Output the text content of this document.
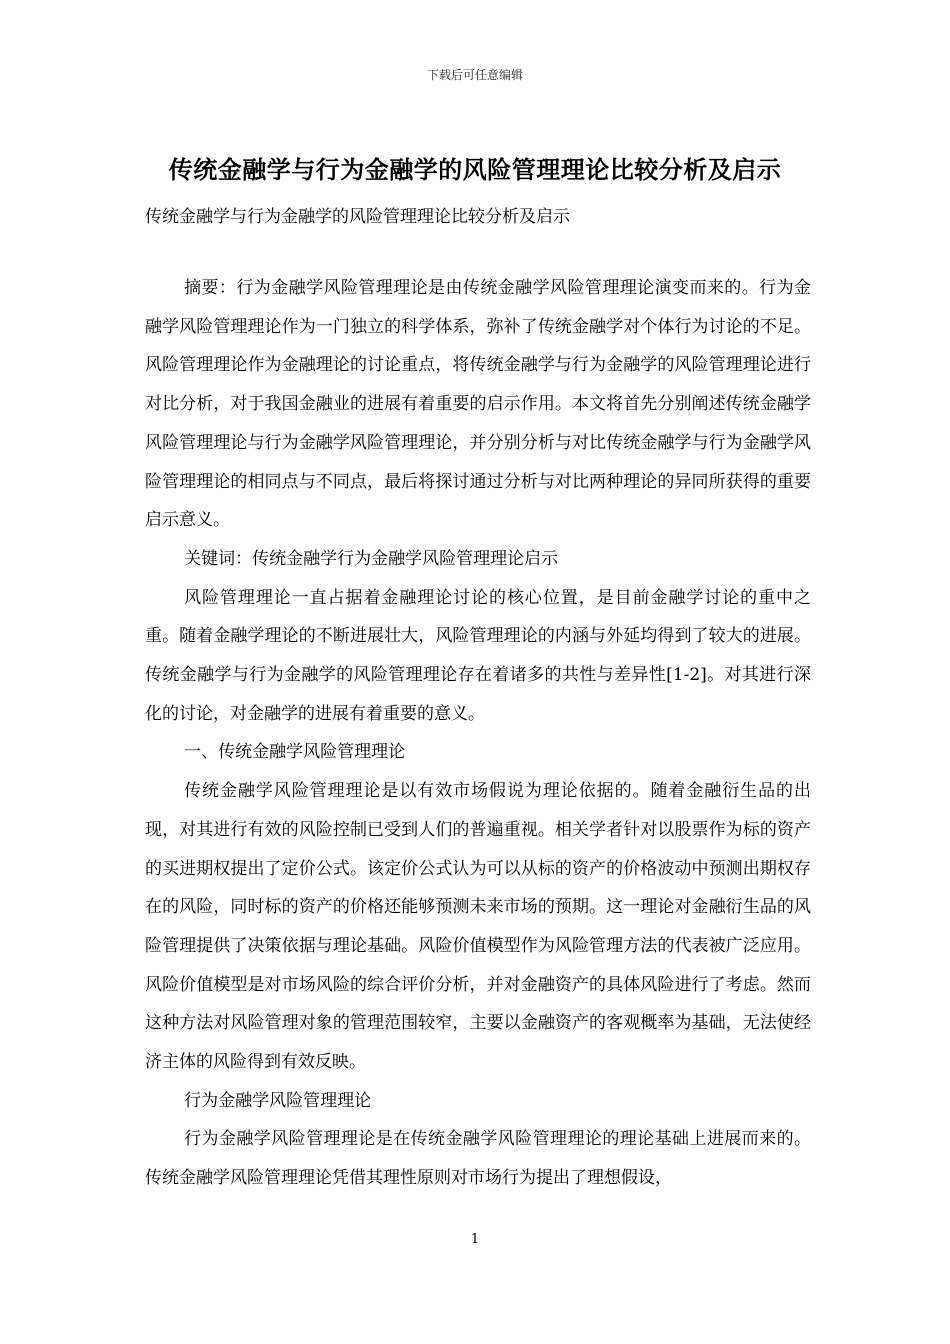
下载后可任意编辑
传统金融学与行为金融学的风险管理理论比较分析及启示

传统金融学与行为金融学的风险管理理论比较分析及启示

摘要：行为金融学风险管理理论是由传统金融学风险管理理论演变而来的。行为金融学风险管理理论作为一门独立的科学体系，弥补了传统金融学对个体行为讨论的不足。风险管理理论作为金融理论的讨论重点，将传统金融学与行为金融学的风险管理理论进行对比分析，对于我国金融业的进展有着重要的启示作用。本文将首先分别阐述传统金融学风险管理理论与行为金融学风险管理理论，并分别分析与对比传统金融学与行为金融学风险管理理论的相同点与不同点，最后将探讨通过分析与对比两种理论的异同所获得的重要启示意义。

关键词：传统金融学行为金融学风险管理理论启示

风险管理理论一直占据着金融理论讨论的核心位置，是目前金融学讨论的重中之重。随着金融学理论的不断进展壮大，风险管理理论的内涵与外延均得到了较大的进展。传统金融学与行为金融学的风险管理理论存在着诸多的共性与差异性[1-2]。对其进行深化的讨论，对金融学的进展有着重要的意义。

一、传统金融学风险管理理论

传统金融学风险管理理论是以有效市场假说为理论依据的。随着金融衍生品的出现，对其进行有效的风险控制已受到人们的普遍重视。相关学者针对以股票作为标的资产的买进期权提出了定价公式。该定价公式认为可以从标的资产的价格波动中预测出期权存在的风险，同时标的资产的价格还能够预测未来市场的预期。这一理论对金融衍生品的风险管理提供了决策依据与理论基础。风险价值模型作为风险管理方法的代表被广泛应用。风险价值模型是对市场风险的综合评价分析，并对金融资产的具体风险进行了考虑。然而这种方法对风险管理对象的管理范围较窄，主要以金融资产的客观概率为基础，无法使经济主体的风险得到有效反映。

行为金融学风险管理理论

行为金融学风险管理理论是在传统金融学风险管理理论的理论基础上进展而来的。传统金融学风险管理理论凭借其理性原则对市场行为提出了理想假设，

1
